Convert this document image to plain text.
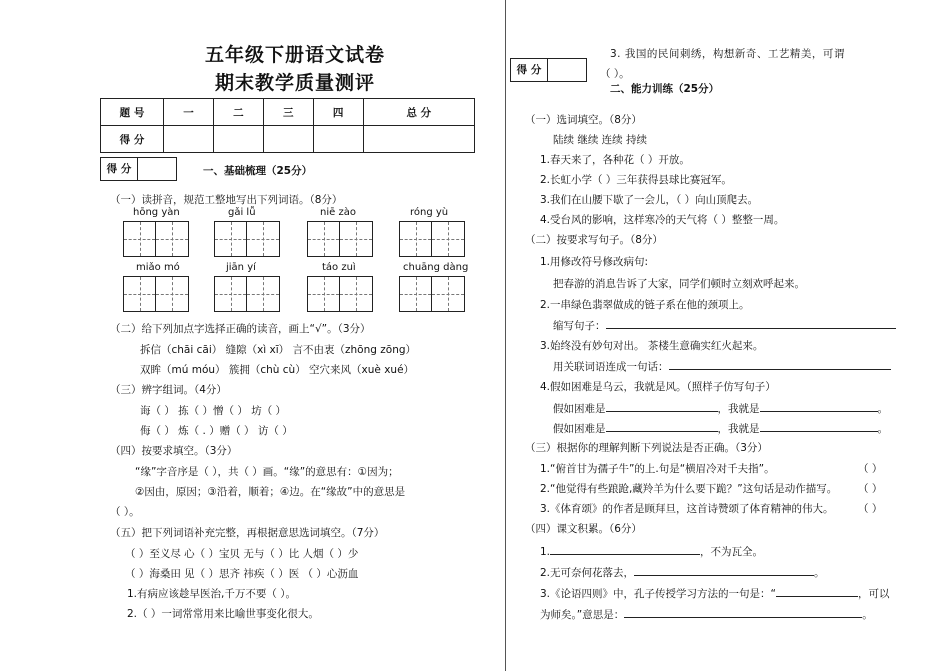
五年级下册语文试卷
期末教学质量测评
题 号	一	二	三	四	总 分
得 分					
得 分	一、基础梳理（25分）
（一）读拼音，规范工整地写出下列词语。（8分）
hōng yàn	gǎi lǚ	niē zào	róng yù
miǎo mó	jiān yí	táo zuì	chuāng dàng
（二）给下列加点字选择正确的读音，画上“√”。（3分）
拆信（chāi cāi） 缝隙（xì xī） 言不由衷（zhōng zōng）
双眸（mú móu） 簇拥（chù cù） 空穴来风（xuè xué）
（三）辨字组词。（4分）
诲（ ） 拣（ ）憎（ ） 坊（ ）
侮（ ） 炼（ . ）赠（ ） 访（ ）
（四）按要求填空。（3分）
“缘”字音序是（ ），共（ ）画。“缘”的意思有：①因为；
②因由，原因；③沿着，顺着；④边。在“缘故”中的意思是
（ ）。
（五）把下列词语补充完整，再根据意思选词填空。（7分）
（ ）至义尽 心（ ）宝贝 无与（ ）比 人烟（ ）少
（ ）海桑田 见（ ）思齐 祎疾（ ）医 （ ）心沥血
1.有病应该趁早医治,千万不要（ ）。
2.（ ）一词常常用来比喻世事变化很大。
得 分
3. 我国的民间刺绣，构想新奇、工艺精美，可谓
（ ）。
二、能力训练（25分）
（一）选词填空。（8分）
陆续 继续 连续 持续
1.春天来了，各种花（ ）开放。
2.长虹小学（ ）三年获得县球比赛冠军。
3.我们在山腰下歇了一会儿，（ ）向山顶爬去。
4.受台风的影响，这样寒冷的天气将（ ）整整一周。
（二）按要求写句子。（8分）
1.用修改符号修改病句:
把春游的消息告诉了大家，同学们顿时立刻欢呼起来。
2.一串绿色翡翠做成的链子系在他的颈项上。
缩写句子：
3.始终没有妙句对出。 茶楼生意确实红火起来。
用关联词语连成一句话：
4.假如困难是乌云，我就是风。（照样子仿写句子）
假如困难是	，我就是	。
假如困难是	，我就是	。
（三）根据你的理解判断下列说法是否正确。（3分）
1.“俯首甘为孺子牛”的上.句是“横眉冷对千夫指”。	（ ）
2.“他觉得有些踉跄,藏羚羊为什么要下跪？”这句话是动作描写。 （ ）
3.《体育颂》的作者是顾拜旦，这首诗赞颂了体育精神的伟大。 （ ）
（四）课文积累。（6分）
1.	，不为瓦全。
2.无可奈何花落去，	。
3.《论语四则》中，孔子传授学习方法的一句是：“	，可以
为师矣。”意思是：	。
